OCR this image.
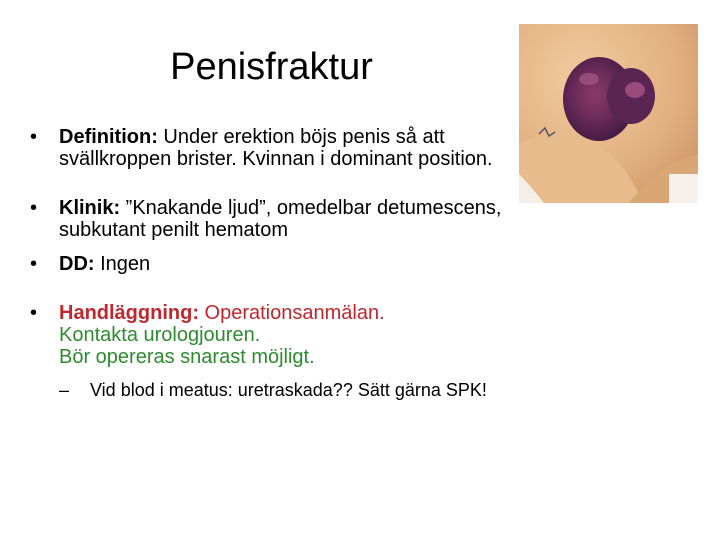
Penisfraktur
• Definition: Under erektion böjs penis så att svällkroppen brister. Kvinnan i dominant position.
• Klinik: ”Knakande ljud”, omedelbar detumescens, subkutant penilt hematom
• DD: Ingen
• Handläggning: Operationsanmälan.
Kontakta urologjouren.
Bör opereras snarast möjligt.
– Vid blod i meatus: uretraskada?? Sätt gärna SPK!
